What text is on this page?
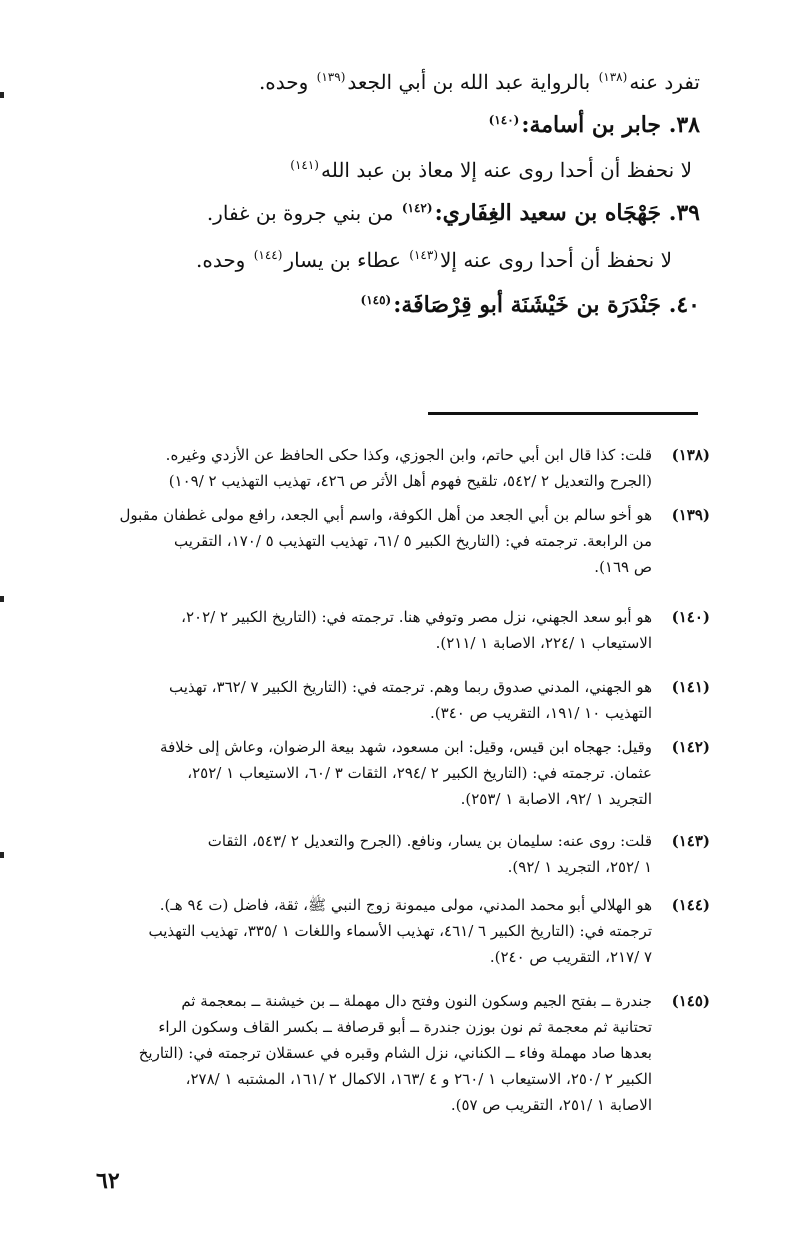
تفرد عنه$^{(١٣٨)}$ بالرواية عبد الله بن أبي الجعد$^{(١٣٩)}$ وحده.
٣٨. جابر بن أسامة:$^{(١٤٠)}$
لا نحفظ أن أحدا روى عنه إلا معاذ بن عبد الله$^{(١٤١)}$
٣٩. جَهْجَاه بن سعيد الغِفَاري:$^{(١٤٢)}$ من بني جروة بن غفار.
لا نحفظ أن أحدا روى عنه إلا$^{(١٤٣)}$ عطاء بن يسار$^{(١٤٤)}$ وحده.
٤٠. جَنْدَرَة بن خَيْشَنَة أبو قِرْصَافَة:$^{(١٤٥)}$
(١٣٨)
قلت: كذا قال ابن أبي حاتم، وابن الجوزي، وكذا حكى الحافظ عن الأزدي وغيره.
(الجرح والتعديل ٢ /٥٤٢، تلقيح فهوم أهل الأثر ص ٤٢٦، تهذيب التهذيب ٢ /١٠٩)
(١٣٩)
هو أخو سالم بن أبي الجعد من أهل الكوفة، واسم أبي الجعد، رافع مولى غطفان مقبول
من الرابعة. ترجمته في: (التاريخ الكبير ٥ /٦١، تهذيب التهذيب ٥ /١٧٠، التقريب
ص ١٦٩).
(١٤٠)
هو أبو سعد الجهني، نزل مصر وتوفي هنا. ترجمته في: (التاريخ الكبير ٢ /٢٠٢،
الاستيعاب ١ /٢٢٤، الاصابة ١ /٢١١).
(١٤١)
هو الجهني، المدني صدوق ربما وهم. ترجمته في: (التاريخ الكبير ٧ /٣٦٢، تهذيب
التهذيب ١٠ /١٩١، التقريب ص ٣٤٠).
(١٤٢)
وقيل: جهجاه ابن قيس، وقيل: ابن مسعود، شهد بيعة الرضوان، وعاش إلى خلافة
عثمان. ترجمته في: (التاريخ الكبير ٢ /٢٩٤، الثقات ٣ /٦٠، الاستيعاب ١ /٢٥٢،
التجريد ١ /٩٢، الاصابة ١ /٢٥٣).
(١٤٣)
قلت: روى عنه: سليمان بن يسار، ونافع. (الجرح والتعديل ٢ /٥٤٣، الثقات
١ /٢٥٢، التجريد ١ /٩٢).
(١٤٤)
هو الهلالي أبو محمد المدني، مولى ميمونة زوج النبي ﷺ، ثقة، فاضل (ت ٩٤ هـ).
ترجمته في: (التاريخ الكبير ٦ /٤٦١، تهذيب الأسماء واللغات ١ /٣٣٥، تهذيب التهذيب
٧ /٢١٧، التقريب ص ٢٤٠).
(١٤٥)
جندرة ــ بفتح الجيم وسكون النون وفتح دال مهملة ــ بن خيشنة ــ بمعجمة ثم
تحتانية ثم معجمة ثم نون بوزن جندرة ــ أبو قرصافة ــ بكسر القاف وسكون الراء
بعدها صاد مهملة وفاء ــ الكناني، نزل الشام وقبره في عسقلان ترجمته في: (التاريخ
الكبير ٢ /٢٥٠، الاستيعاب ١ /٢٦٠ و ٤ /١٦٣، الاكمال ٢ /١٦١، المشتبه ١ /٢٧٨،
الاصابة ١ /٢٥١، التقريب ص ٥٧).
٦٢
